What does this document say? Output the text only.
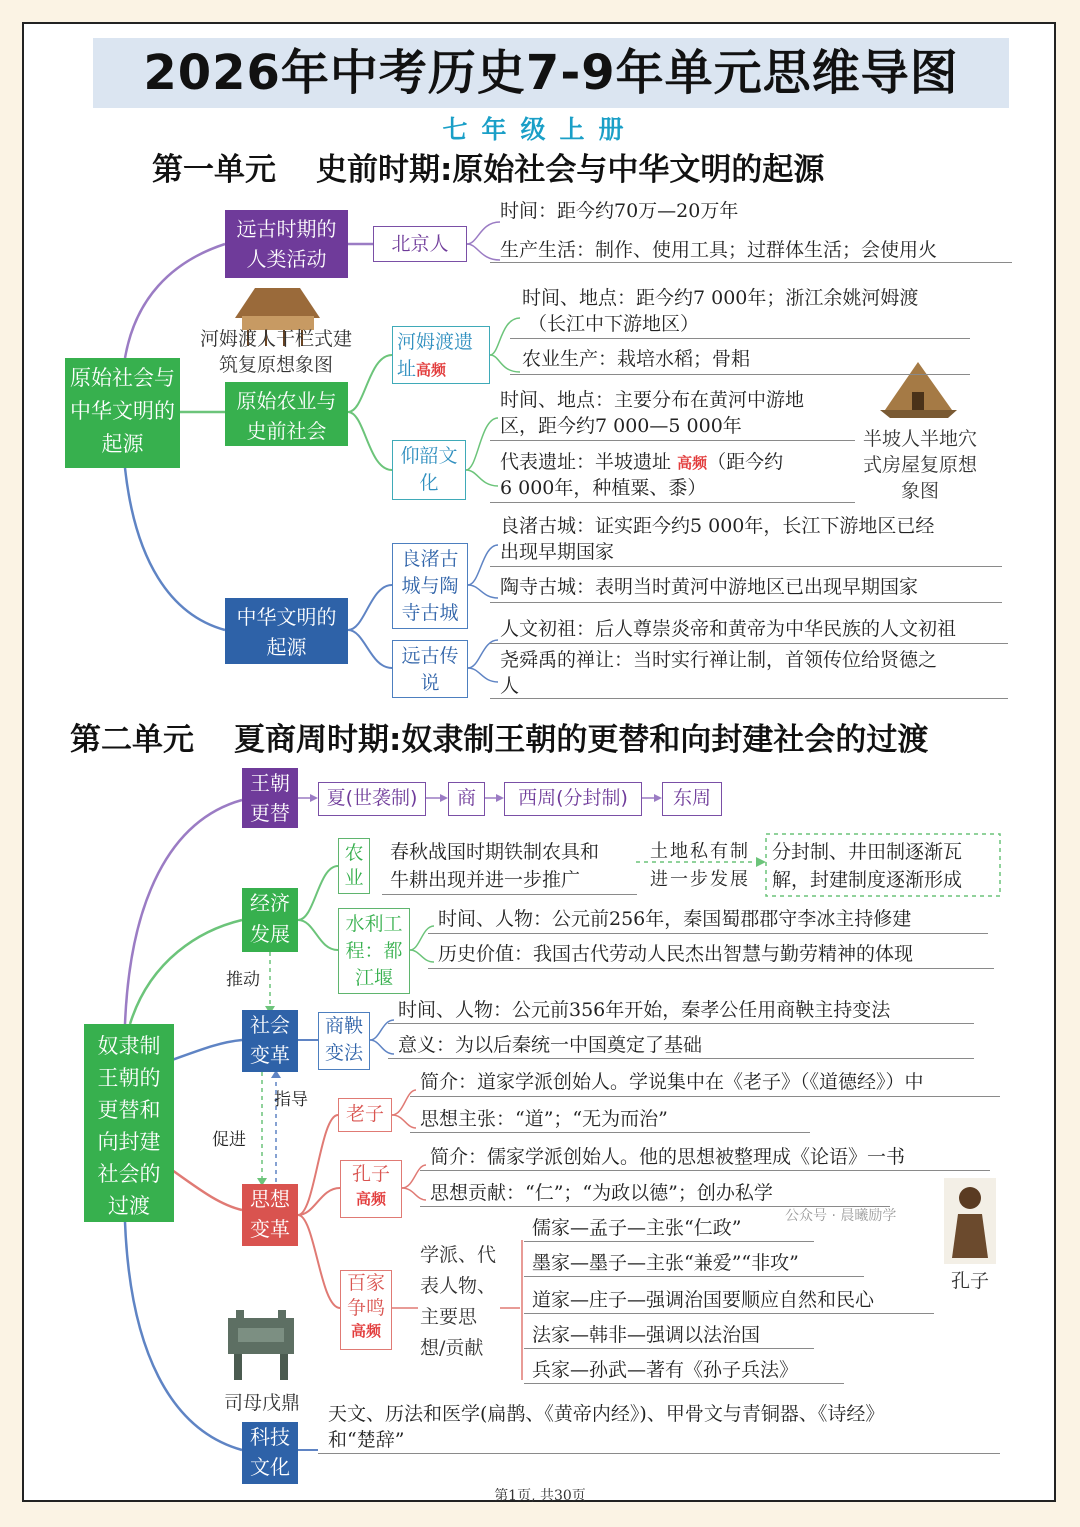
2026年中考历史7-9年单元思维导图
七年级上册
第一单元 史前时期:原始社会与中华文明的起源
原始社会与中华文明的起源
远古时期的人类活动
北京人
时间：距今约70万—20万年
生产生活：制作、使用工具；过群体生活；会使用火
河姆渡人干栏式建筑复原想象图
原始农业与史前社会
河姆渡遗址高频
时间、地点：距今约7 000年；浙江余姚河姆渡
（长江中下游地区）
农业生产：栽培水稻；骨耜
仰韶文化
时间、地点：主要分布在黄河中游地
区，距今约7 000—5 000年
代表遗址：半坡遗址 高频（距今约
6 000年，种植粟、黍）
半坡人半地穴式房屋复原想象图
中华文明的起源
良渚古城与陶寺古城
良渚古城：证实距今约5 000年，长江下游地区已经
出现早期国家
陶寺古城：表明当时黄河中游地区已出现早期国家
远古传说
人文初祖：后人尊崇炎帝和黄帝为中华民族的人文初祖
尧舜禹的禅让：当时实行禅让制，首领传位给贤德之
人
第二单元 夏商周时期:奴隶制王朝的更替和向封建社会的过渡
奴隶制王朝的更替和向封建社会的过渡
王朝更替
夏(世袭制)	商	西周(分封制)	东周
经济发展
农业
春秋战国时期铁制农具和
牛耕出现并进一步推广
土地私有制
进一步发展
分封制、井田制逐渐瓦
解，封建制度逐渐形成
水利工程：都江堰
时间、人物：公元前256年，秦国蜀郡郡守李冰主持修建
历史价值：我国古代劳动人民杰出智慧与勤劳精神的体现
推动
社会变革
商鞅变法
时间、人物：公元前356年开始，秦孝公任用商鞅主持变法
意义：为以后秦统一中国奠定了基础
指导
促进
思想变革
老子
简介：道家学派创始人。学说集中在《老子》（《道德经》）中
思想主张：“道”；“无为而治”
孔子
高频
简介：儒家学派创始人。他的思想被整理成《论语》一书
思想贡献：“仁”；“为政以德”；创办私学
孔子
公众号 · 晨曦励学
百家争鸣
高频
学派、代表人物、主要思想/贡献
儒家—孟子—主张“仁政”
墨家—墨子—主张“兼爱”“非攻”
道家—庄子—强调治国要顺应自然和民心
法家—韩非—强调以法治国
兵家—孙武—著有《孙子兵法》
司母戊鼎
科技文化
天文、历法和医学(扁鹊、《黄帝内经》)、甲骨文与青铜器、《诗经》
和“楚辞”
第1页, 共30页
